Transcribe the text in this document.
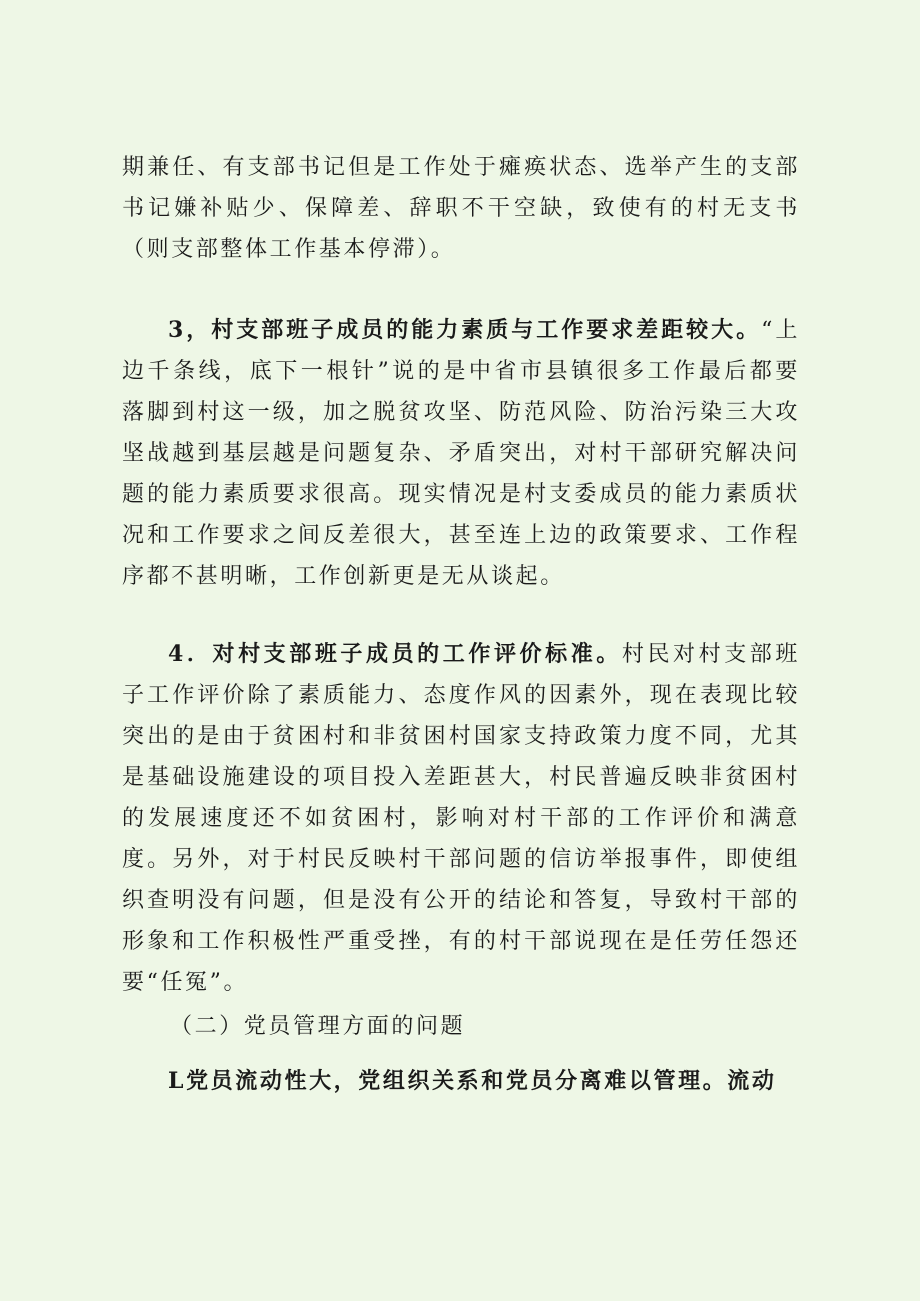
期兼任、有支部书记但是工作处于瘫痪状态、选举产生的支部书记嫌补贴少、保障差、辞职不干空缺，致使有的村无支书（则支部整体工作基本停滞）。

3，村支部班子成员的能力素质与工作要求差距较大。“上边千条线，底下一根针”说的是中省市县镇很多工作最后都要落脚到村这一级，加之脱贫攻坚、防范风险、防治污染三大攻坚战越到基层越是问题复杂、矛盾突出，对村干部研究解决问题的能力素质要求很高。现实情况是村支委成员的能力素质状况和工作要求之间反差很大，甚至连上边的政策要求、工作程序都不甚明晰，工作创新更是无从谈起。

4．对村支部班子成员的工作评价标准。村民对村支部班子工作评价除了素质能力、态度作风的因素外，现在表现比较突出的是由于贫困村和非贫困村国家支持政策力度不同，尤其是基础设施建设的项目投入差距甚大，村民普遍反映非贫困村的发展速度还不如贫困村，影响对村干部的工作评价和满意度。另外，对于村民反映村干部问题的信访举报事件，即使组织查明没有问题，但是没有公开的结论和答复，导致村干部的形象和工作积极性严重受挫，有的村干部说现在是任劳任怨还要“任冤”。

（二）党员管理方面的问题

L党员流动性大，党组织关系和党员分离难以管理。流动
